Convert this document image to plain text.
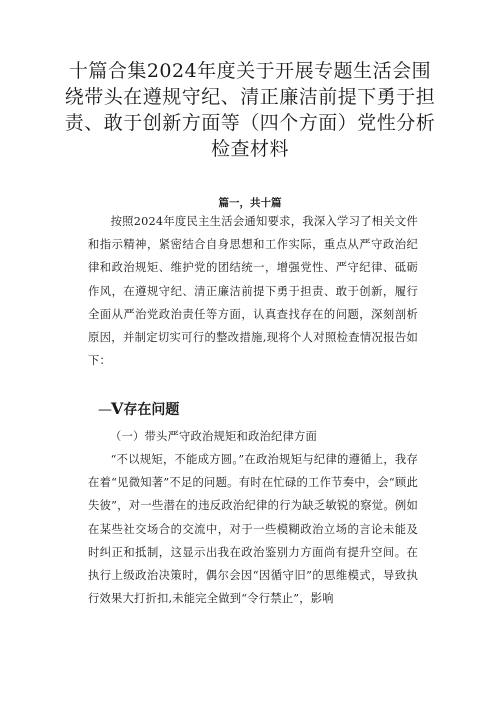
十篇合集2024年度关于开展专题生活会围绕带头在遵规守纪、清正廉洁前提下勇于担责、敢于创新方面等（四个方面）党性分析检查材料
篇一，共十篇

按照2024年度民主生活会通知要求，我深入学习了相关文件和指示精神，紧密结合自身思想和工作实际，重点从严守政治纪律和政治规矩、维护党的团结统一，增强党性、严守纪律、砥砺作风，在遵规守纪、清正廉洁前提下勇于担责、敢于创新，履行全面从严治党政治责任等方面，认真查找存在的问题，深刻剖析原因，并制定切实可行的整改措施,现将个人对照检查情况报告如下：

—V存在问题
（一）带头严守政治规矩和政治纪律方面

“不以规矩，不能成方圆。”在政治规矩与纪律的遵循上，我存在着“见微知著”不足的问题。有时在忙碌的工作节奏中，会“顾此失彼”，对一些潜在的违反政治纪律的行为缺乏敏锐的察觉。例如在某些社交场合的交流中，对于一些模糊政治立场的言论未能及时纠正和抵制，这显示出我在政治鉴别力方面尚有提升空间。在执行上级政治决策时，偶尔会因“因循守旧”的思维模式，导致执行效果大打折扣,未能完全做到“令行禁止”，影响
